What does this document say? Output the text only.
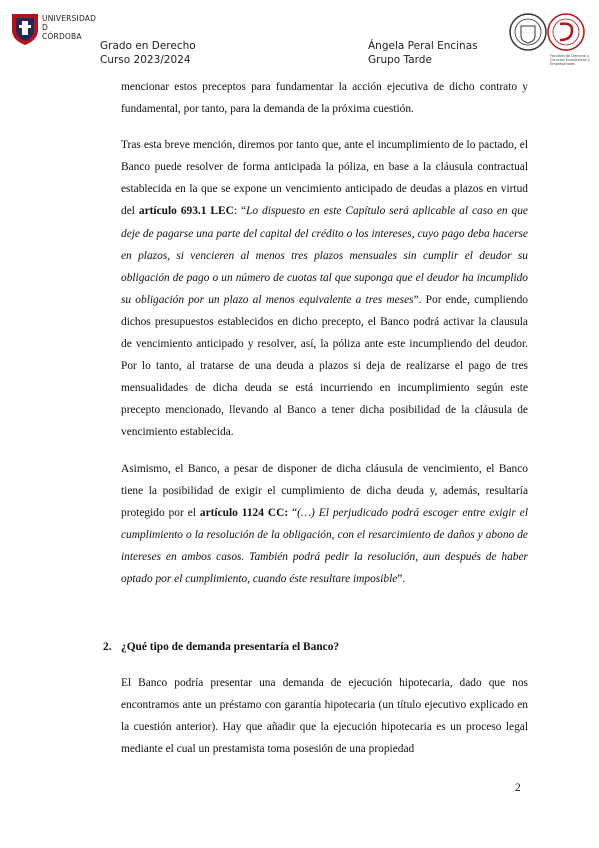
UNIVERSIDAD
D
CÓRDOBA
Grado en Derecho
Curso 2023/2024
Ángela Peral Encinas
Grupo Tarde	Facultad de Derecho y Ciencias Económicas y Empresariales

mencionar estos preceptos para fundamentar la acción ejecutiva de dicho contrato y fundamental, por tanto, para la demanda de la próxima cuestión.

Tras esta breve mención, diremos por tanto que, ante el incumplimiento de lo pactado, el Banco puede resolver de forma anticipada la póliza, en base a la cláusula contractual establecida en la que se expone un vencimiento anticipado de deudas a plazos en virtud del artículo 693.1 LEC: “Lo dispuesto en este Capítulo será aplicable al caso en que deje de pagarse una parte del capital del crédito o los intereses, cuyo pago deba hacerse en plazos, si vencieren al menos tres plazos mensuales sin cumplir el deudor su obligación de pago o un número de cuotas tal que suponga que el deudor ha incumplido su obligación por un plazo al menos equivalente a tres meses”. Por ende, cumpliendo dichos presupuestos establecidos en dicho precepto, el Banco podrá activar la clausula de vencimiento anticipado y resolver, así, la póliza ante este incumpliendo del deudor. Por lo tanto, al tratarse de una deuda a plazos si deja de realizarse el pago de tres mensualidades de dicha deuda se está incurriendo en incumplimiento según este precepto mencionado, llevando al Banco a tener dicha posibilidad de la cláusula de vencimiento establecida.

Asimismo, el Banco, a pesar de disponer de dicha cláusula de vencimiento, el Banco tiene la posibilidad de exigir el cumplimiento de dicha deuda y, además, resultaría protegido por el artículo 1124 CC: “(…) El perjudicado podrá escoger entre exigir el cumplimiento o la resolución de la obligación, con el resarcimiento de daños y abono de intereses en ambos casos. También podrá pedir la resolución, aun después de haber optado por el cumplimiento, cuando éste resultare imposible”.

2. ¿Qué tipo de demanda presentaría el Banco?

El Banco podría presentar una demanda de ejecución hipotecaria, dado que nos encontramos ante un préstamo con garantía hipotecaria (un título ejecutivo explicado en la cuestión anterior). Hay que añadir que la ejecución hipotecaria es un proceso legal mediante el cual un prestamista toma posesión de una propiedad

2
